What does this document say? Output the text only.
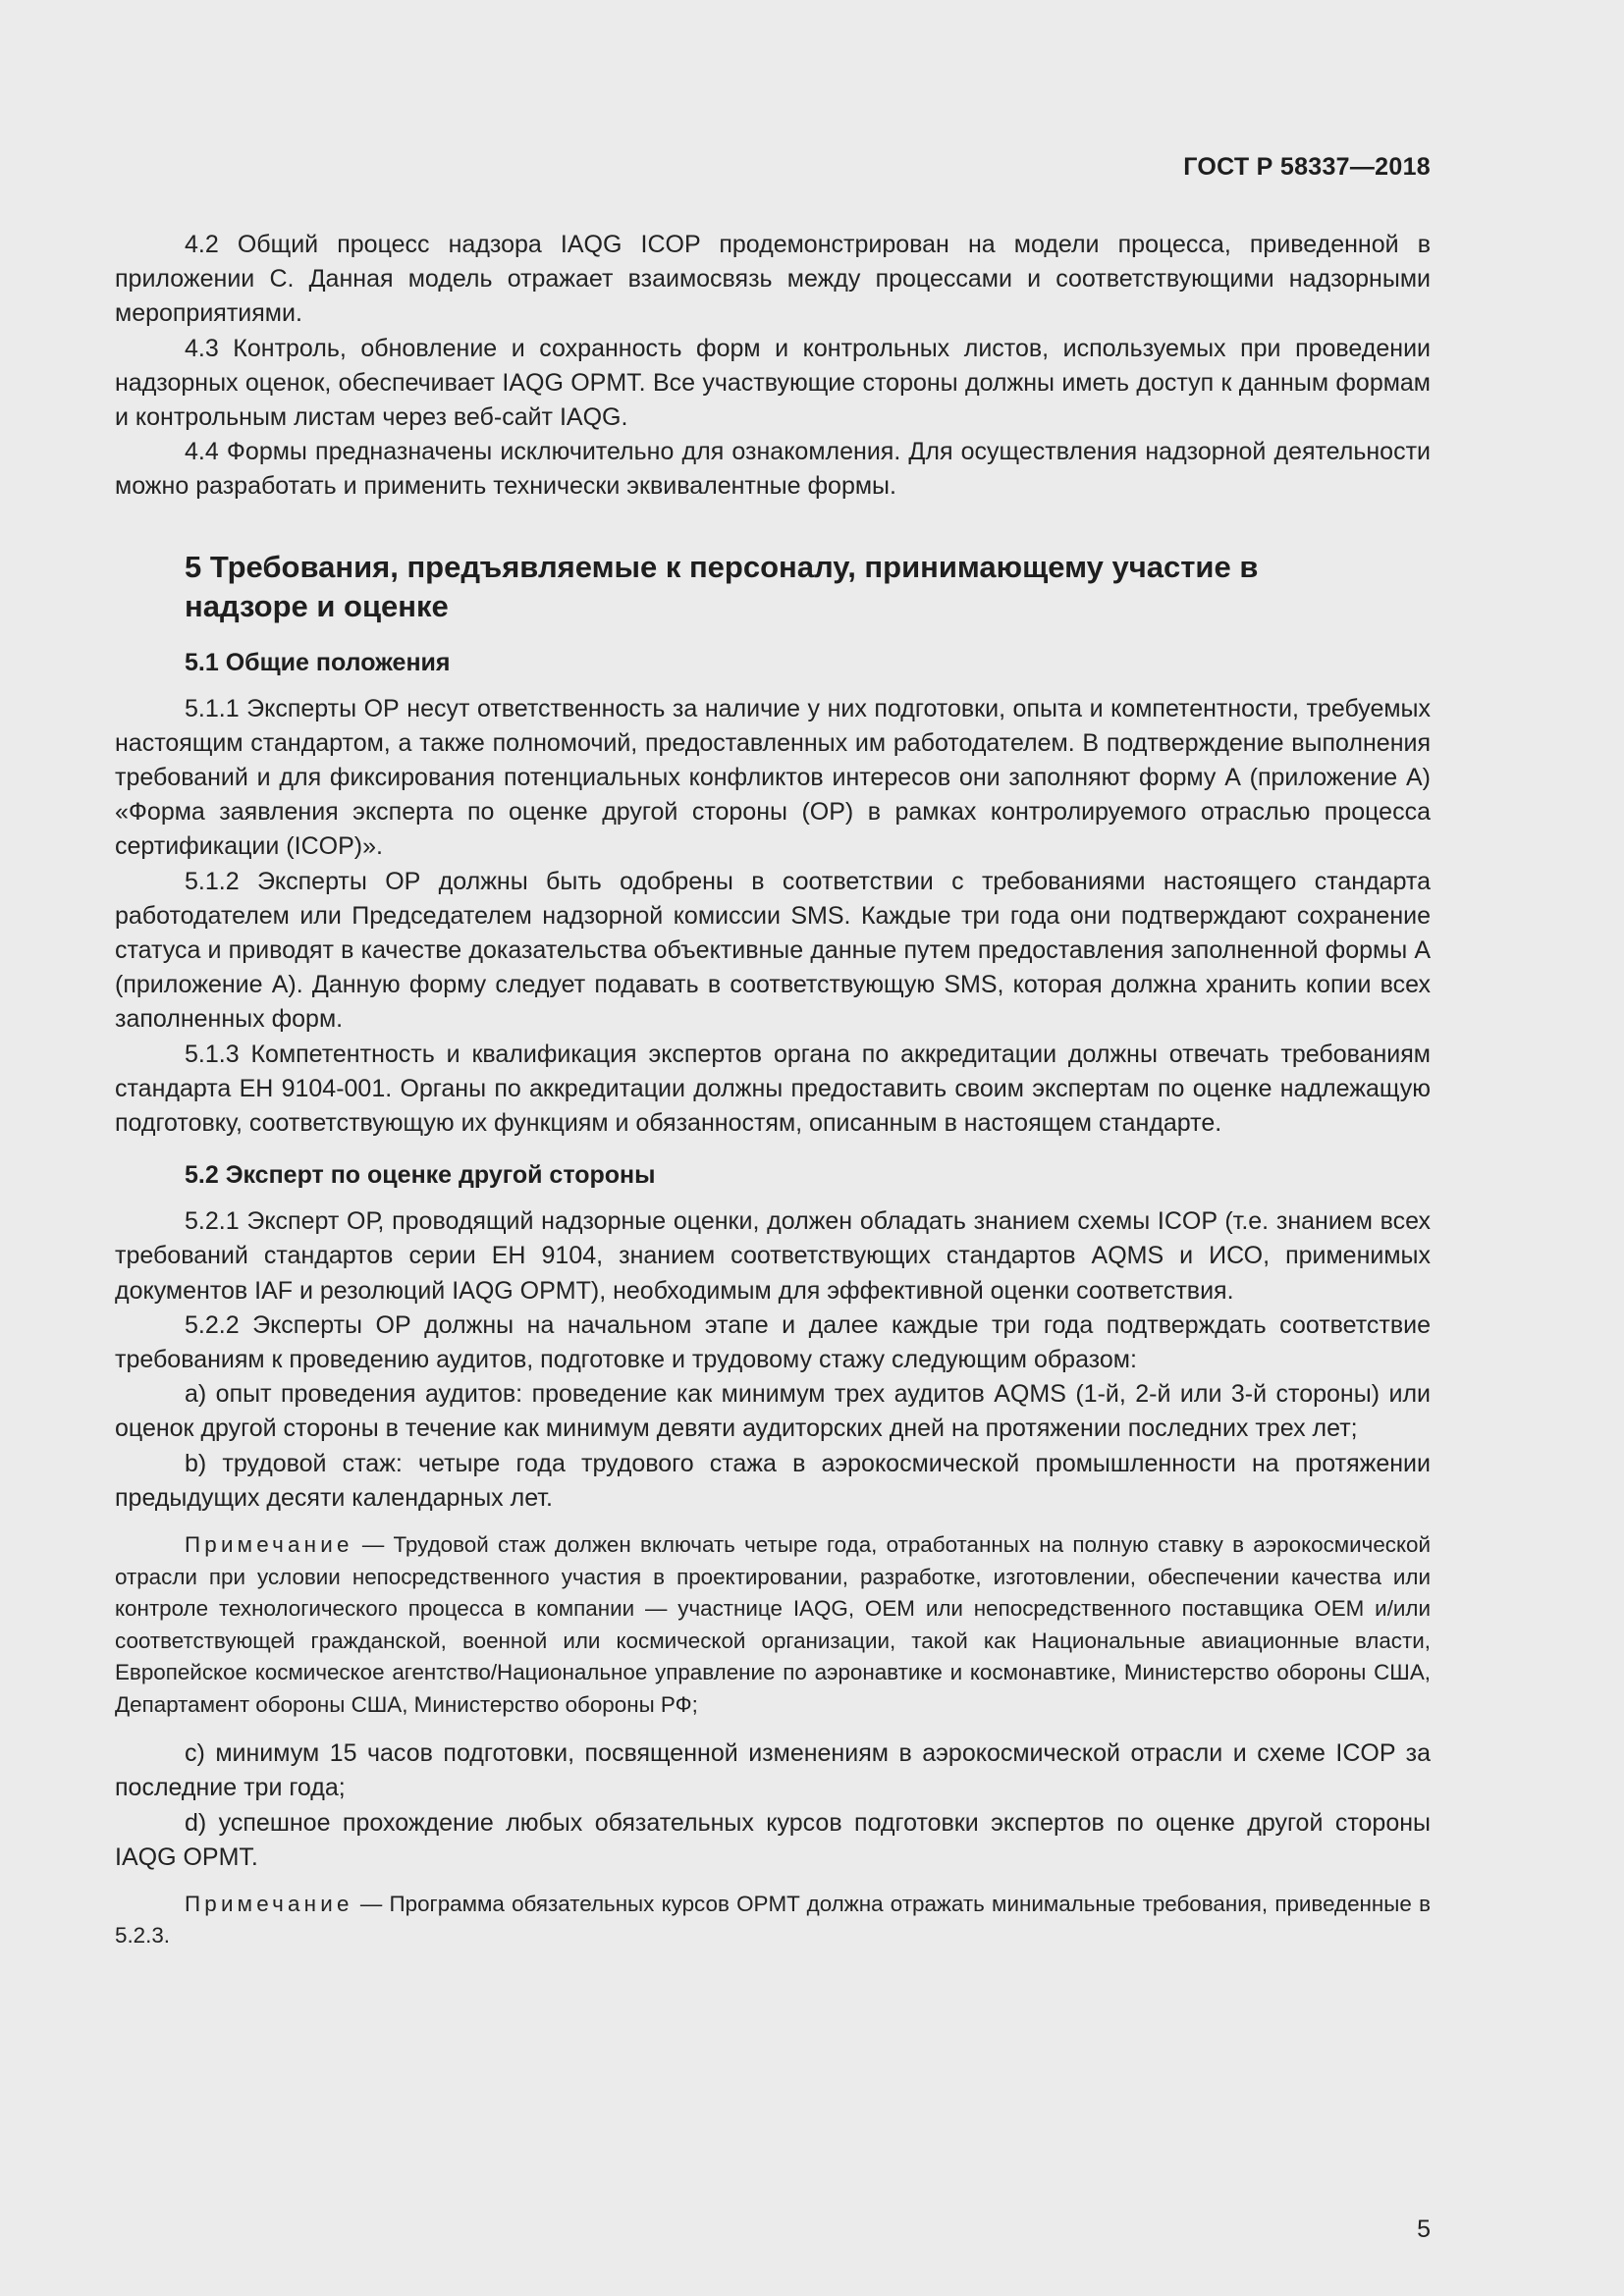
ГОСТ Р 58337—2018

4.2 Общий процесс надзора IAQG ICOP продемонстрирован на модели процесса, приведенной в приложении С. Данная модель отражает взаимосвязь между процессами и соответствующими надзорными мероприятиями.

4.3 Контроль, обновление и сохранность форм и контрольных листов, используемых при проведении надзорных оценок, обеспечивает IAQG OPMT. Все участвующие стороны должны иметь доступ к данным формам и контрольным листам через веб-сайт IAQG.

4.4 Формы предназначены исключительно для ознакомления. Для осуществления надзорной деятельности можно разработать и применить технически эквивалентные формы.

5 Требования, предъявляемые к персоналу, принимающему участие в надзоре и оценке
5.1 Общие положения

5.1.1 Эксперты ОР несут ответственность за наличие у них подготовки, опыта и компетентности, требуемых настоящим стандартом, а также полномочий, предоставленных им работодателем. В подтверждение выполнения требований и для фиксирования потенциальных конфликтов интересов они заполняют форму А (приложение А) «Форма заявления эксперта по оценке другой стороны (ОР) в рамках контролируемого отраслью процесса сертификации (ICOP)».

5.1.2 Эксперты ОР должны быть одобрены в соответствии с требованиями настоящего стандарта работодателем или Председателем надзорной комиссии SMS. Каждые три года они подтверждают сохранение статуса и приводят в качестве доказательства объективные данные путем предоставления заполненной формы А (приложение А). Данную форму следует подавать в соответствующую SMS, которая должна хранить копии всех заполненных форм.

5.1.3 Компетентность и квалификация экспертов органа по аккредитации должны отвечать требованиям стандарта ЕН 9104-001. Органы по аккредитации должны предоставить своим экспертам по оценке надлежащую подготовку, соответствующую их функциям и обязанностям, описанным в настоящем стандарте.

5.2 Эксперт по оценке другой стороны

5.2.1 Эксперт ОР, проводящий надзорные оценки, должен обладать знанием схемы ICOP (т.е. знанием всех требований стандартов серии ЕН 9104, знанием соответствующих стандартов AQMS и ИСО, применимых документов IAF и резолюций IAQG OPMT), необходимым для эффективной оценки соответствия.

5.2.2 Эксперты ОР должны на начальном этапе и далее каждые три года подтверждать соответствие требованиям к проведению аудитов, подготовке и трудовому стажу следующим образом:

а) опыт проведения аудитов: проведение как минимум трех аудитов AQMS (1-й, 2-й или 3-й стороны) или оценок другой стороны в течение как минимум девяти аудиторских дней на протяжении последних трех лет;

b) трудовой стаж: четыре года трудового стажа в аэрокосмической промышленности на протяжении предыдущих десяти календарных лет.

Примечание — Трудовой стаж должен включать четыре года, отработанных на полную ставку в аэрокосмической отрасли при условии непосредственного участия в проектировании, разработке, изготовлении, обеспечении качества или контроле технологического процесса в компании — участнице IAQG, OEM или непосредственного поставщика OEM и/или соответствующей гражданской, военной или космической организации, такой как Национальные авиационные власти, Европейское космическое агентство/Национальное управление по аэронавтике и космонавтике, Министерство обороны США, Департамент обороны США, Министерство обороны РФ;

c) минимум 15 часов подготовки, посвященной изменениям в аэрокосмической отрасли и схеме ICOP за последние три года;

d) успешное прохождение любых обязательных курсов подготовки экспертов по оценке другой стороны IAQG OPMT.

Примечание — Программа обязательных курсов OPMT должна отражать минимальные требования, приведенные в 5.2.3.

5
